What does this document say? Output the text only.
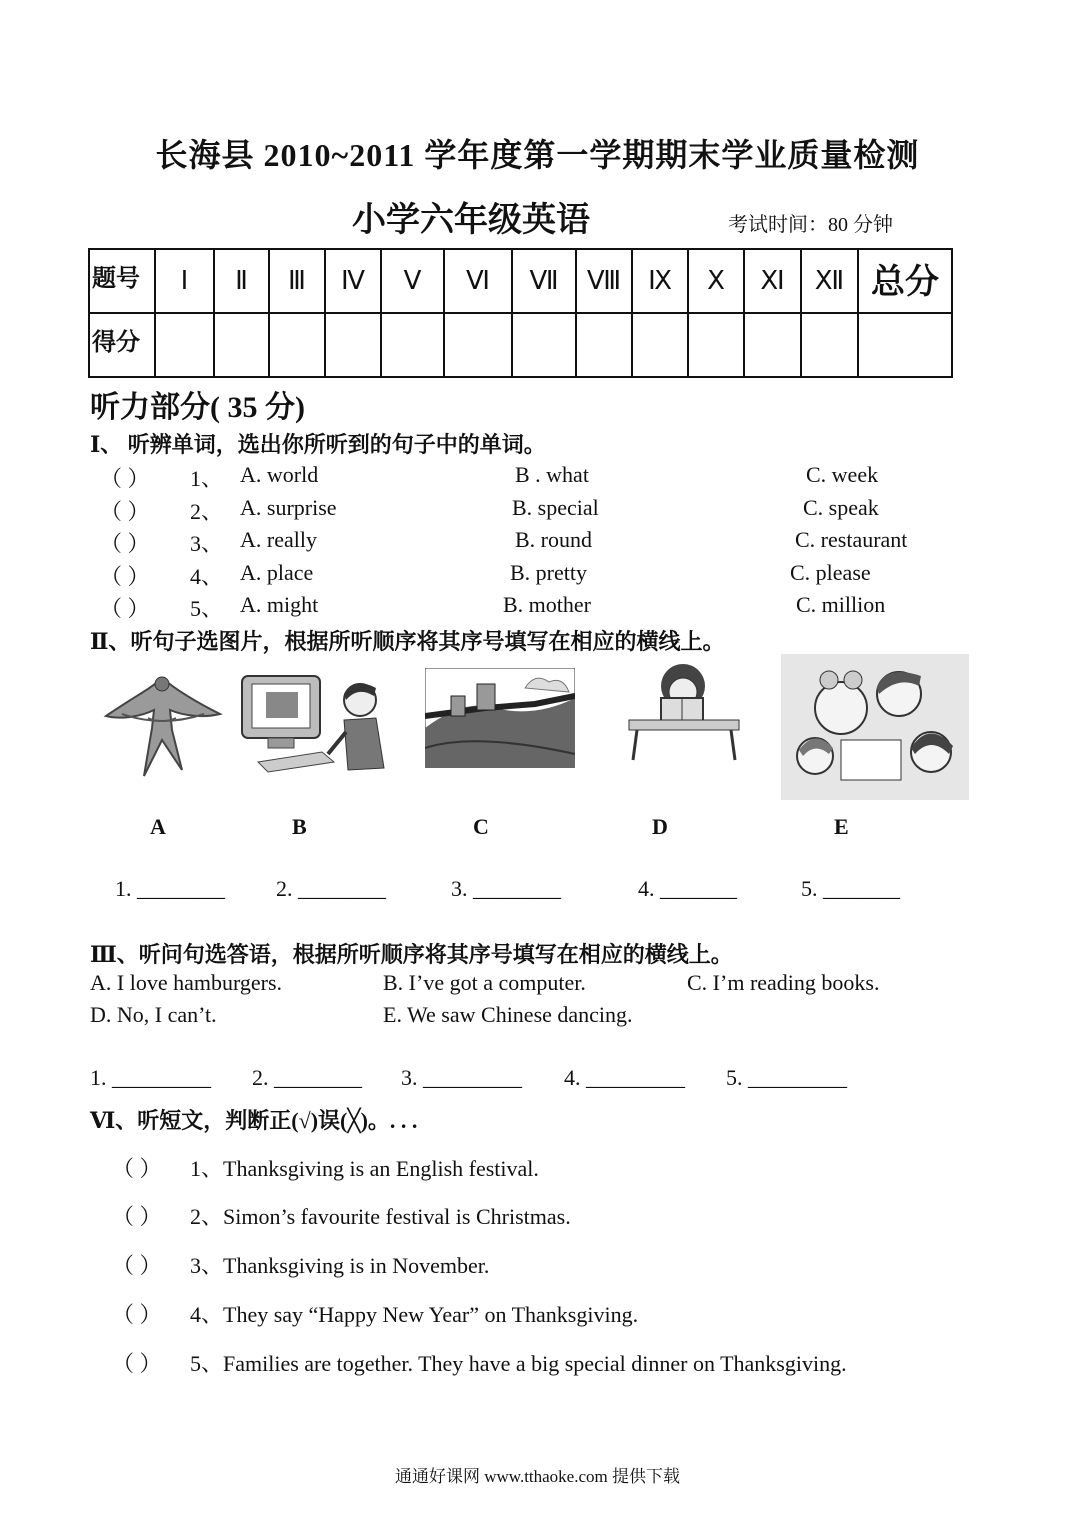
长海县 2010~2011 学年度第一学期期末学业质量检测
小学六年级英语	考试时间：80 分钟
题号	Ⅰ	Ⅱ	Ⅲ	Ⅳ	Ⅴ	Ⅵ	Ⅶ	Ⅷ	Ⅸ	Ⅹ	Ⅺ	Ⅻ	总分
得分													
听力部分( 35 分)
Ⅰ、 听辨单词，选出你所听到的句子中的单词。
（ ） 1、 A. world	B . what	C. week
（ ） 2、 A. surprise	B. special	C. speak
（ ） 3、 A. really	B. round	C. restaurant
（ ） 4、 A. place	B. pretty	C. please
（ ） 5、 A. might	B. mother	C. million
Ⅱ、听句子选图片，根据所听顺序将其序号填写在相应的横线上。
A	B	C	D	E
1. ________ 2. ________	3. ________	4. _______	5. _______
Ⅲ、听问句选答语，根据所听顺序将其序号填写在相应的横线上。
A. I love hamburgers.	B. I’ve got a computer.	C. I’m reading books.
D. No, I can’t.	E. We saw Chinese dancing.
1. _________ 2. ________ 3. _________ 4. _________ 5. _________
Ⅵ、听短文，判断正(√)误(╳)。. . .
（ ） 1、Thanksgiving is an English festival.
（ ） 2、Simon’s favourite festival is Christmas.
（ ） 3、Thanksgiving is in November.
（ ） 4、They say “Happy New Year” on Thanksgiving.
（ ） 5、Families are together. They have a big special dinner on Thanksgiving.
通通好课网 www.tthaoke.com 提供下载
